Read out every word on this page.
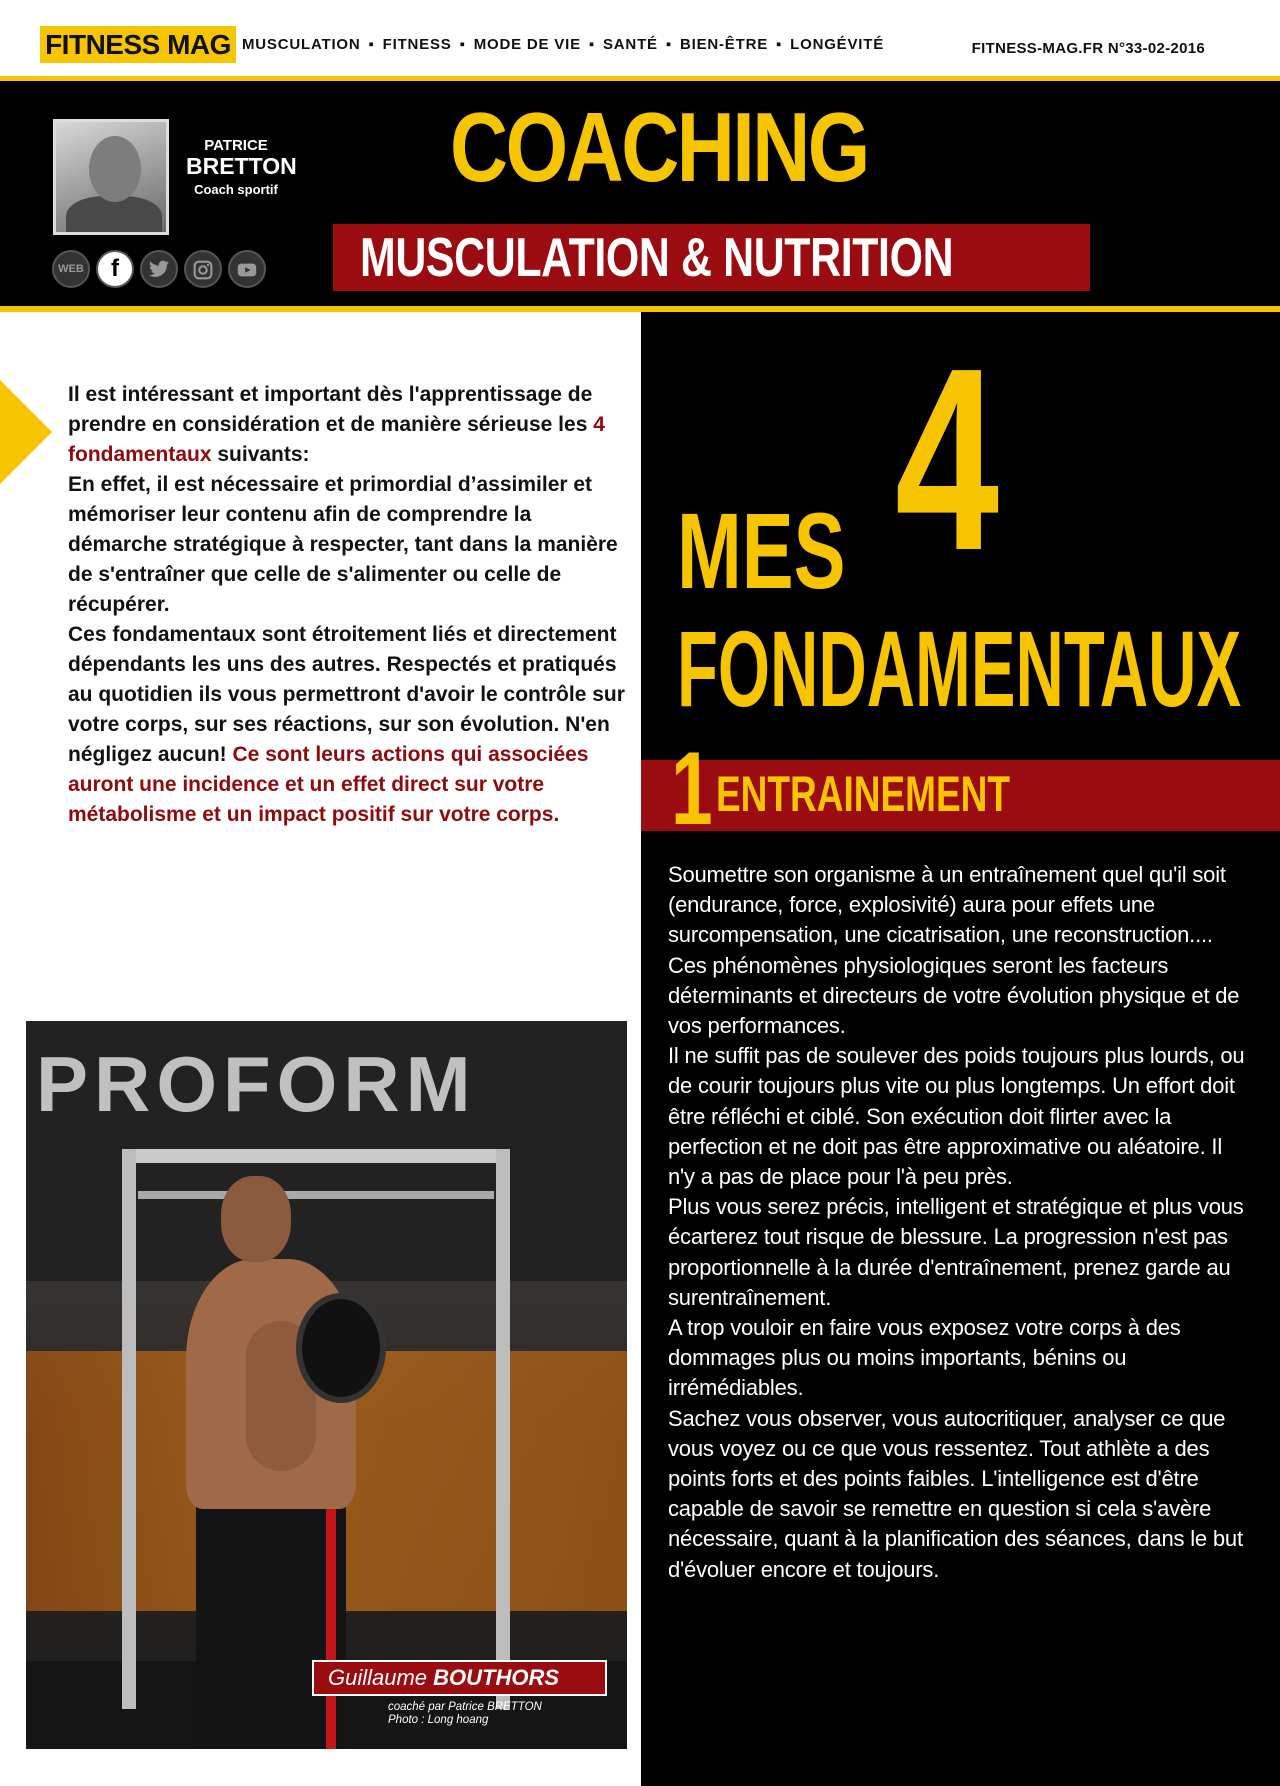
FITNESS MAG MUSCULATION ▪ FITNESS ▪ MODE DE VIE ▪ SANTÉ ▪ BIEN-ÊTRE ▪ LONGÉVITÉ	FITNESS-MAG.FR N°33-02-2016
PATRICE
BRETTON
Coach sportif
WEB	f
COACHING
MUSCULATION & NUTRITION
Il est intéressant et important dès l'apprentissage de prendre en considération et de manière sérieuse les 4 fondamentaux suivants:
En effet, il est nécessaire et primordial d’assimiler et mémoriser leur contenu afin de comprendre la démarche stratégique à respecter, tant dans la manière de s'entraîner que celle de s'alimenter ou celle de récupérer.
Ces fondamentaux sont étroitement liés et directement dépendants les uns des autres. Respectés et pratiqués au quotidien ils vous permettront d'avoir le contrôle sur votre corps, sur ses réactions, sur son évolution. N'en négligez aucun! Ce sont leurs actions qui associées auront une incidence et un effet direct sur votre métabolisme et un impact positif sur votre corps.
PROFORM
Guillaume BOUTHORS
coaché par Patrice BRETTON
Photo : Long hoang
MES 4
FONDAMENTAUX
1 ENTRAINEMENT
Soumettre son organisme à un entraînement quel qu'il soit (endurance, force, explosivité) aura pour effets une surcompensation, une cicatrisation, une reconstruction....
Ces phénomènes physiologiques seront les facteurs déterminants et directeurs de votre évolution physique et de vos performances.
Il ne suffit pas de soulever des poids toujours plus lourds, ou de courir toujours plus vite ou plus longtemps. Un effort doit être réfléchi et ciblé. Son exécution doit flirter avec la perfection et ne doit pas être approximative ou aléatoire. Il n'y a pas de place pour l'à peu près.
Plus vous serez précis, intelligent et stratégique et plus vous écarterez tout risque de blessure. La progression n'est pas proportionnelle à la durée d'entraînement, prenez garde au surentraînement.
A trop vouloir en faire vous exposez votre corps à des dommages plus ou moins importants, bénins ou irrémédiables.
Sachez vous observer, vous autocritiquer, analyser ce que vous voyez ou ce que vous ressentez. Tout athlète a des points forts et des points faibles. L'intelligence est d'être capable de savoir se remettre en question si cela s'avère nécessaire, quant à la planification des séances, dans le but d'évoluer encore et toujours.
